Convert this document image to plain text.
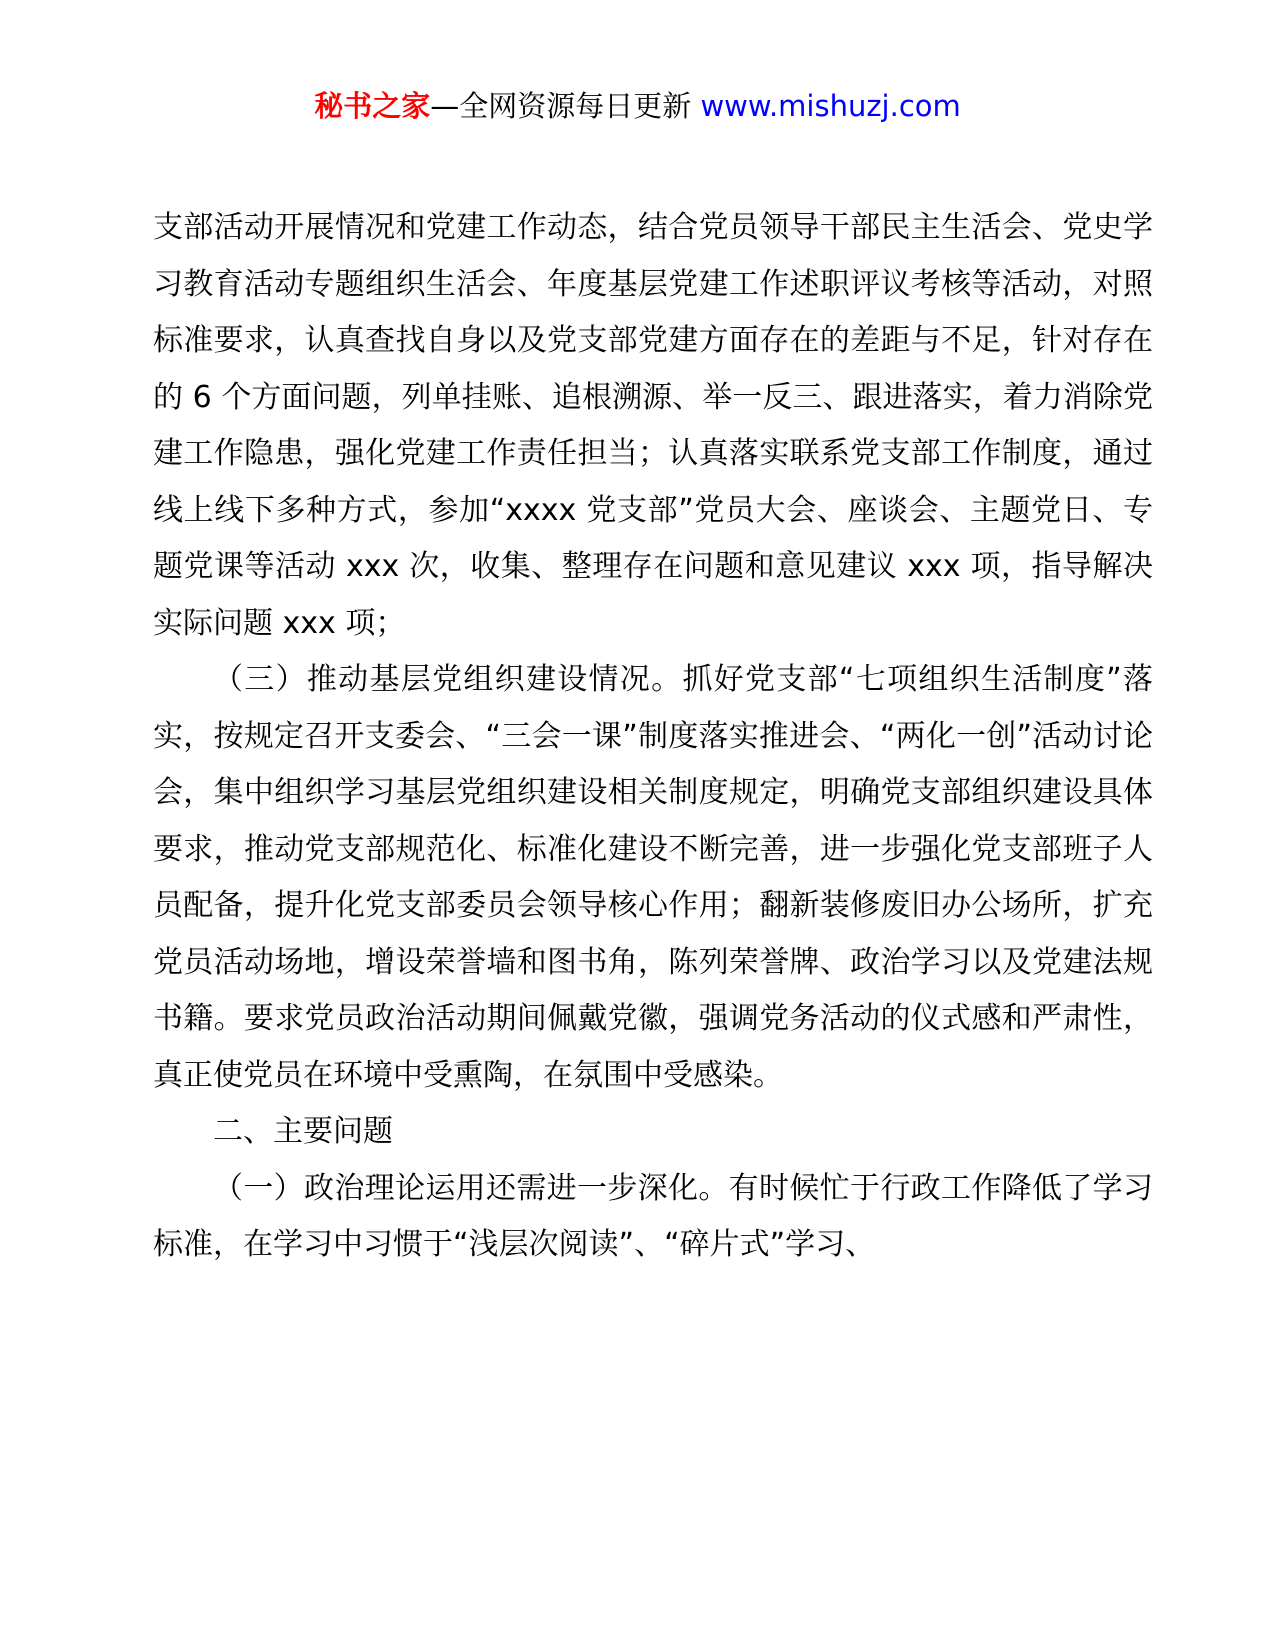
秘书之家—全网资源每日更新 www.mishuzj.com

支部活动开展情况和党建工作动态，结合党员领导干部民主生活会、党史学习教育活动专题组织生活会、年度基层党建工作述职评议考核等活动，对照标准要求，认真查找自身以及党支部党建方面存在的差距与不足，针对存在的 6 个方面问题，列单挂账、追根溯源、举一反三、跟进落实，着力消除党建工作隐患，强化党建工作责任担当；认真落实联系党支部工作制度，通过线上线下多种方式，参加“xxxx 党支部”党员大会、座谈会、主题党日、专题党课等活动 xxx 次，收集、整理存在问题和意见建议 xxx 项，指导解决实际问题 xxx 项；

（三）推动基层党组织建设情况。抓好党支部“七项组织生活制度”落实，按规定召开支委会、“三会一课”制度落实推进会、“两化一创”活动讨论会，集中组织学习基层党组织建设相关制度规定，明确党支部组织建设具体要求，推动党支部规范化、标准化建设不断完善，进一步强化党支部班子人员配备，提升化党支部委员会领导核心作用；翻新装修废旧办公场所，扩充党员活动场地，增设荣誉墙和图书角，陈列荣誉牌、政治学习以及党建法规书籍。要求党员政治活动期间佩戴党徽，强调党务活动的仪式感和严肃性，真正使党员在环境中受熏陶，在氛围中受感染。

二、主要问题

（一）政治理论运用还需进一步深化。有时候忙于行政工作降低了学习标准，在学习中习惯于“浅层次阅读”、“碎片式”学习、
